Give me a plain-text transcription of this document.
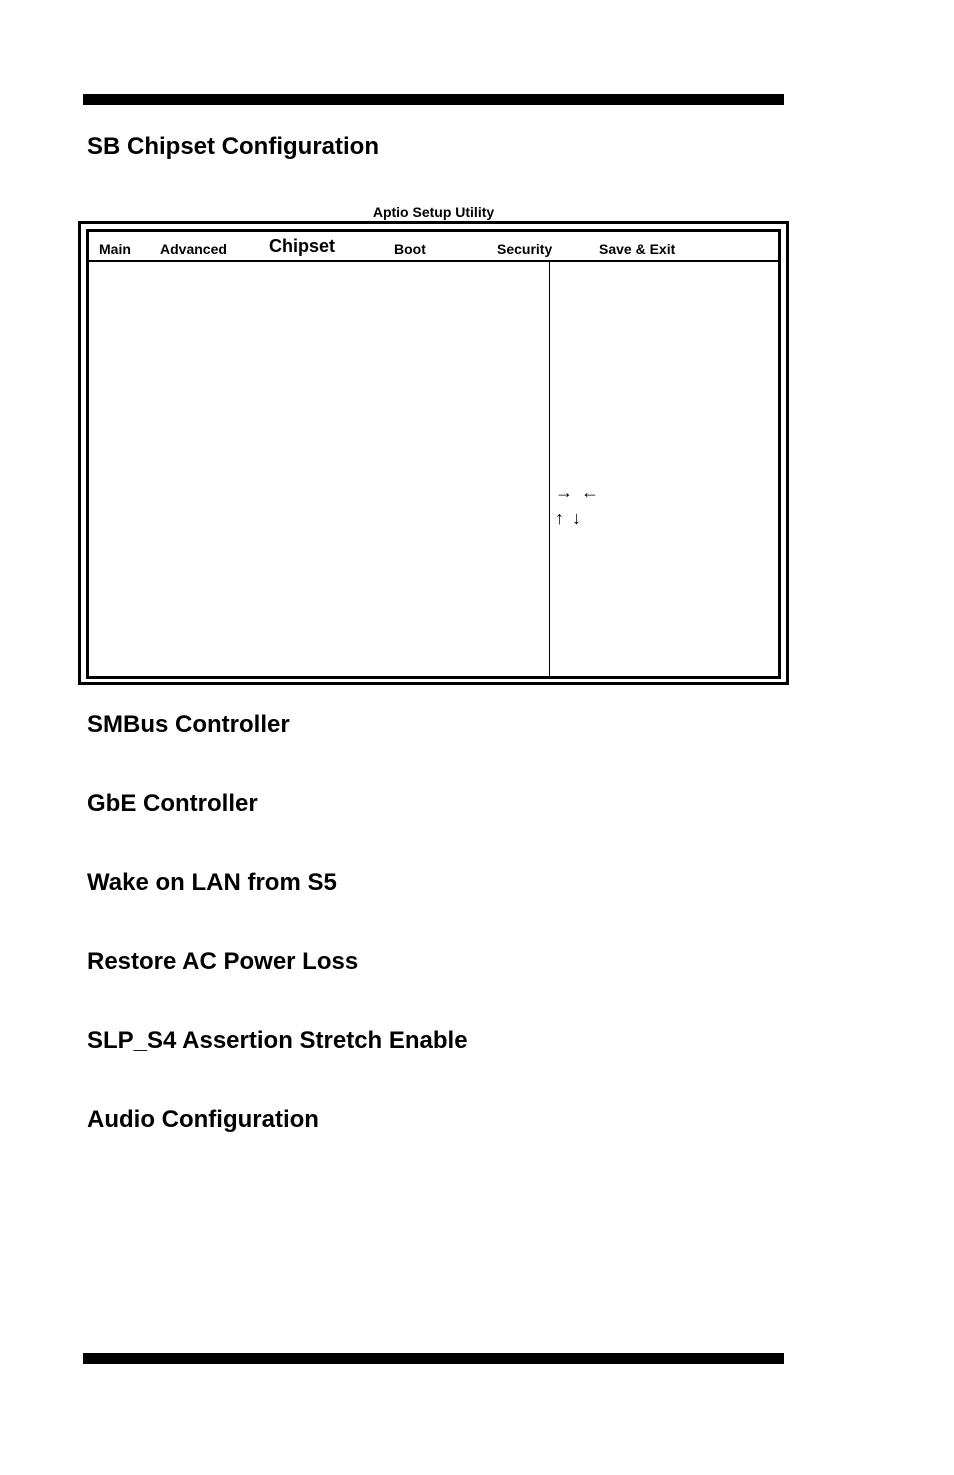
SB Chipset Configuration
Aptio Setup Utility
Main Advanced Chipset	Boot	Security	Save & Exit
→ ←
↑ ↓
SMBus Controller
GbE Controller
Wake on LAN from S5
Restore AC Power Loss
SLP_S4 Assertion Stretch Enable
Audio Configuration
